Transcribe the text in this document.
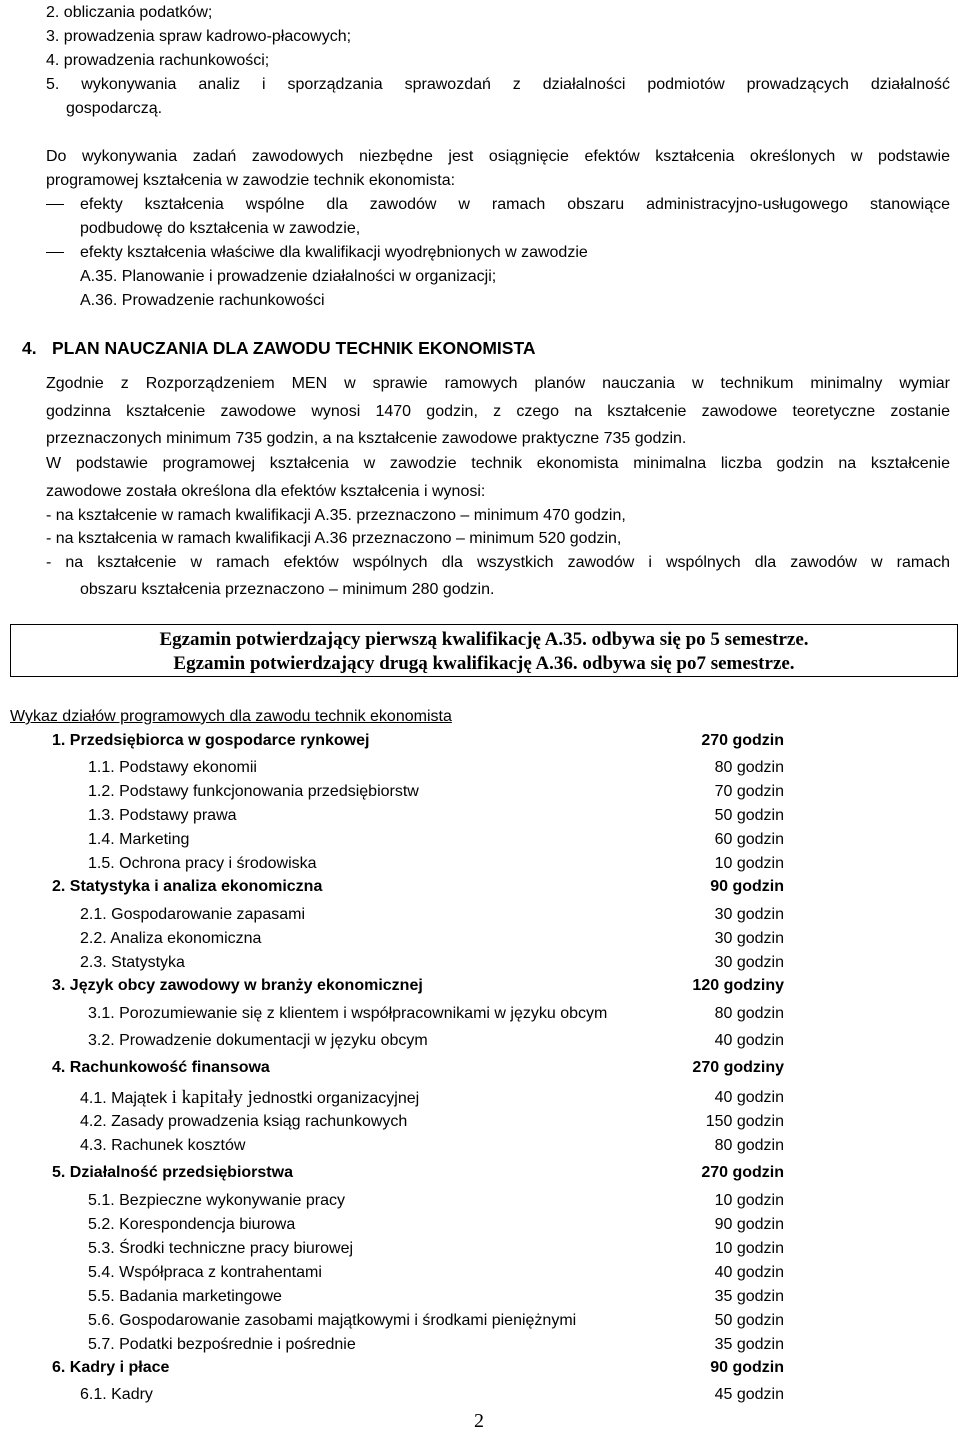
2. obliczania podatków;
3. prowadzenia spraw kadrowo-płacowych;
4. prowadzenia rachunkowości;
5. wykonywania analiz i sporządzania sprawozdań z działalności podmiotów prowadzących działalność
gospodarczą.
Do wykonywania zadań zawodowych niezbędne jest osiągnięcie efektów kształcenia określonych w podstawie
programowej kształcenia w zawodzie technik ekonomista:
efekty kształcenia wspólne dla zawodów w ramach obszaru administracyjno-usługowego stanowiące
podbudowę do kształcenia w zawodzie,
efekty kształcenia właściwe dla kwalifikacji wyodrębnionych w zawodzie
A.35. Planowanie i prowadzenie działalności w organizacji;
A.36. Prowadzenie rachunkowości
4. PLAN NAUCZANIA DLA ZAWODU TECHNIK EKONOMISTA
Zgodnie z Rozporządzeniem MEN w sprawie ramowych planów nauczania w technikum minimalny wymiar
godzinna kształcenie zawodowe wynosi 1470 godzin, z czego na kształcenie zawodowe teoretyczne zostanie
przeznaczonych minimum 735 godzin, a na kształcenie zawodowe praktyczne 735 godzin.
W podstawie programowej kształcenia w zawodzie technik ekonomista minimalna liczba godzin na kształcenie
zawodowe została określona dla efektów kształcenia i wynosi:
- na kształcenie w ramach kwalifikacji A.35. przeznaczono – minimum 470 godzin,
- na kształcenia w ramach kwalifikacji A.36 przeznaczono – minimum 520 godzin,
- na kształcenie w ramach efektów wspólnych dla wszystkich zawodów i wspólnych dla zawodów w ramach
obszaru kształcenia przeznaczono – minimum 280 godzin.
Egzamin potwierdzający pierwszą kwalifikację A.35. odbywa się po 5 semestrze.
Egzamin potwierdzający drugą kwalifikację A.36. odbywa się po7 semestrze.
Wykaz działów programowych dla zawodu technik ekonomista
1. Przedsiębiorca w gospodarce rynkowej	270 godzin
1.1. Podstawy ekonomii	80 godzin
1.2. Podstawy funkcjonowania przedsiębiorstw	70 godzin
1.3. Podstawy prawa	50 godzin
1.4. Marketing	60 godzin
1.5. Ochrona pracy i środowiska	10 godzin
2. Statystyka i analiza ekonomiczna	90 godzin
2.1. Gospodarowanie zapasami	30 godzin
2.2. Analiza ekonomiczna	30 godzin
2.3. Statystyka	30 godzin
3. Język obcy zawodowy w branży ekonomicznej	120 godziny
3.1. Porozumiewanie się z klientem i współpracownikami w języku obcym	80 godzin
3.2. Prowadzenie dokumentacji w języku obcym	40 godzin
4. Rachunkowość finansowa	270 godziny
4.1. Majątek i kapitały jednostki organizacyjnej	40 godzin
4.2. Zasady prowadzenia ksiąg rachunkowych	150 godzin
4.3. Rachunek kosztów	80 godzin
5. Działalność przedsiębiorstwa	270 godzin
5.1. Bezpieczne wykonywanie pracy	10 godzin
5.2. Korespondencja biurowa	90 godzin
5.3. Środki techniczne pracy biurowej	10 godzin
5.4. Współpraca z kontrahentami	40 godzin
5.5. Badania marketingowe	35 godzin
5.6. Gospodarowanie zasobami majątkowymi i środkami pieniężnymi	50 godzin
5.7. Podatki bezpośrednie i pośrednie	35 godzin
6. Kadry i płace	90 godzin
6.1. Kadry	45 godzin
2
